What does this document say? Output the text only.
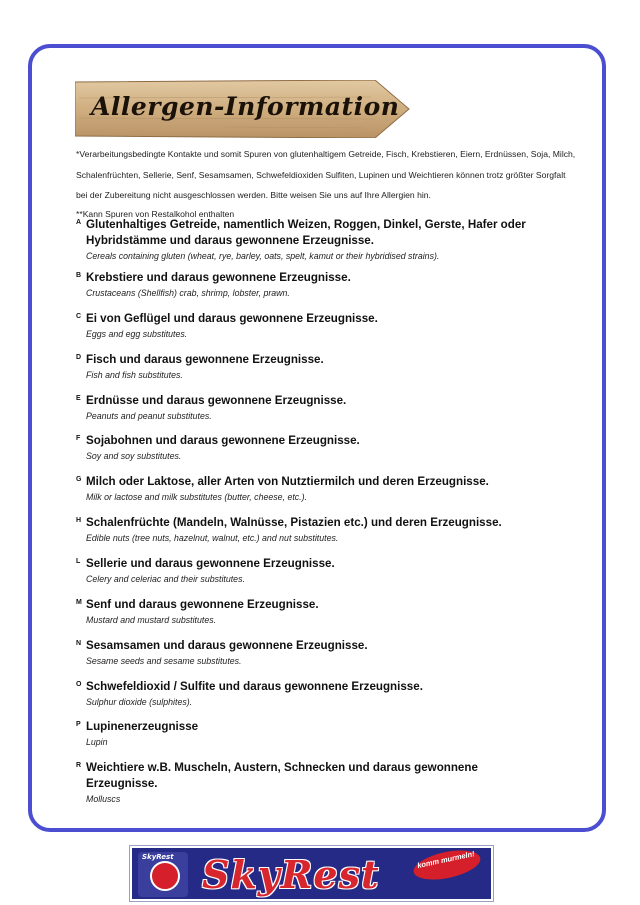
Allergen-Information

*Verarbeitungsbedingte Kontakte und somit Spuren von glutenhaltigem Getreide, Fisch, Krebstieren, Eiern, Erdnüssen, Soja, Milch, Schalenfrüchten, Sellerie, Senf, Sesamsamen, Schwefeldioxiden Sulfiten, Lupinen und Weichtieren können trotz größter Sorgfalt bei der Zubereitung nicht ausgeschlossen werden. Bitte weisen Sie uns auf Ihre Allergien hin.

**Kann Spuren von Restalkohol enthalten

A Glutenhaltiges Getreide, namentlich Weizen, Roggen, Dinkel, Gerste, Hafer oder Hybridstämme und daraus gewonnene Erzeugnisse.
Cereals containing gluten (wheat, rye, barley, oats, spelt, kamut or their hybridised strains).
B Krebstiere und daraus gewonnene Erzeugnisse.
Crustaceans (Shellfish) crab, shrimp, lobster, prawn.
C Ei von Geflügel und daraus gewonnene Erzeugnisse.
Eggs and egg substitutes.
D Fisch und daraus gewonnene Erzeugnisse.
Fish and fish substitutes.
E Erdnüsse und daraus gewonnene Erzeugnisse.
Peanuts and peanut substitutes.
F Sojabohnen und daraus gewonnene Erzeugnisse.
Soy and soy substitutes.
G Milch oder Laktose, aller Arten von Nutztiermilch und deren Erzeugnisse.
Milk or lactose and milk substitutes (butter, cheese, etc.).
H Schalenfrüchte (Mandeln, Walnüsse, Pistazien etc.) und deren Erzeugnisse.
Edible nuts (tree nuts, hazelnut, walnut, etc.) and nut substitutes.
L Sellerie und daraus gewonnene Erzeugnisse.
Celery and celeriac and their substitutes.
M Senf und daraus gewonnene Erzeugnisse.
Mustard and mustard substitutes.
N Sesamsamen und daraus gewonnene Erzeugnisse.
Sesame seeds and sesame substitutes.
O Schwefeldioxid / Sulfite und daraus gewonnene Erzeugnisse.
Sulphur dioxide (sulphites).
P Lupinenerzeugnisse
Lupin
R Weichtiere w.B. Muscheln, Austern, Schnecken und daraus gewonnene Erzeugnisse.
Molluscs
SkyRest SkyRest	komm murmeln!
